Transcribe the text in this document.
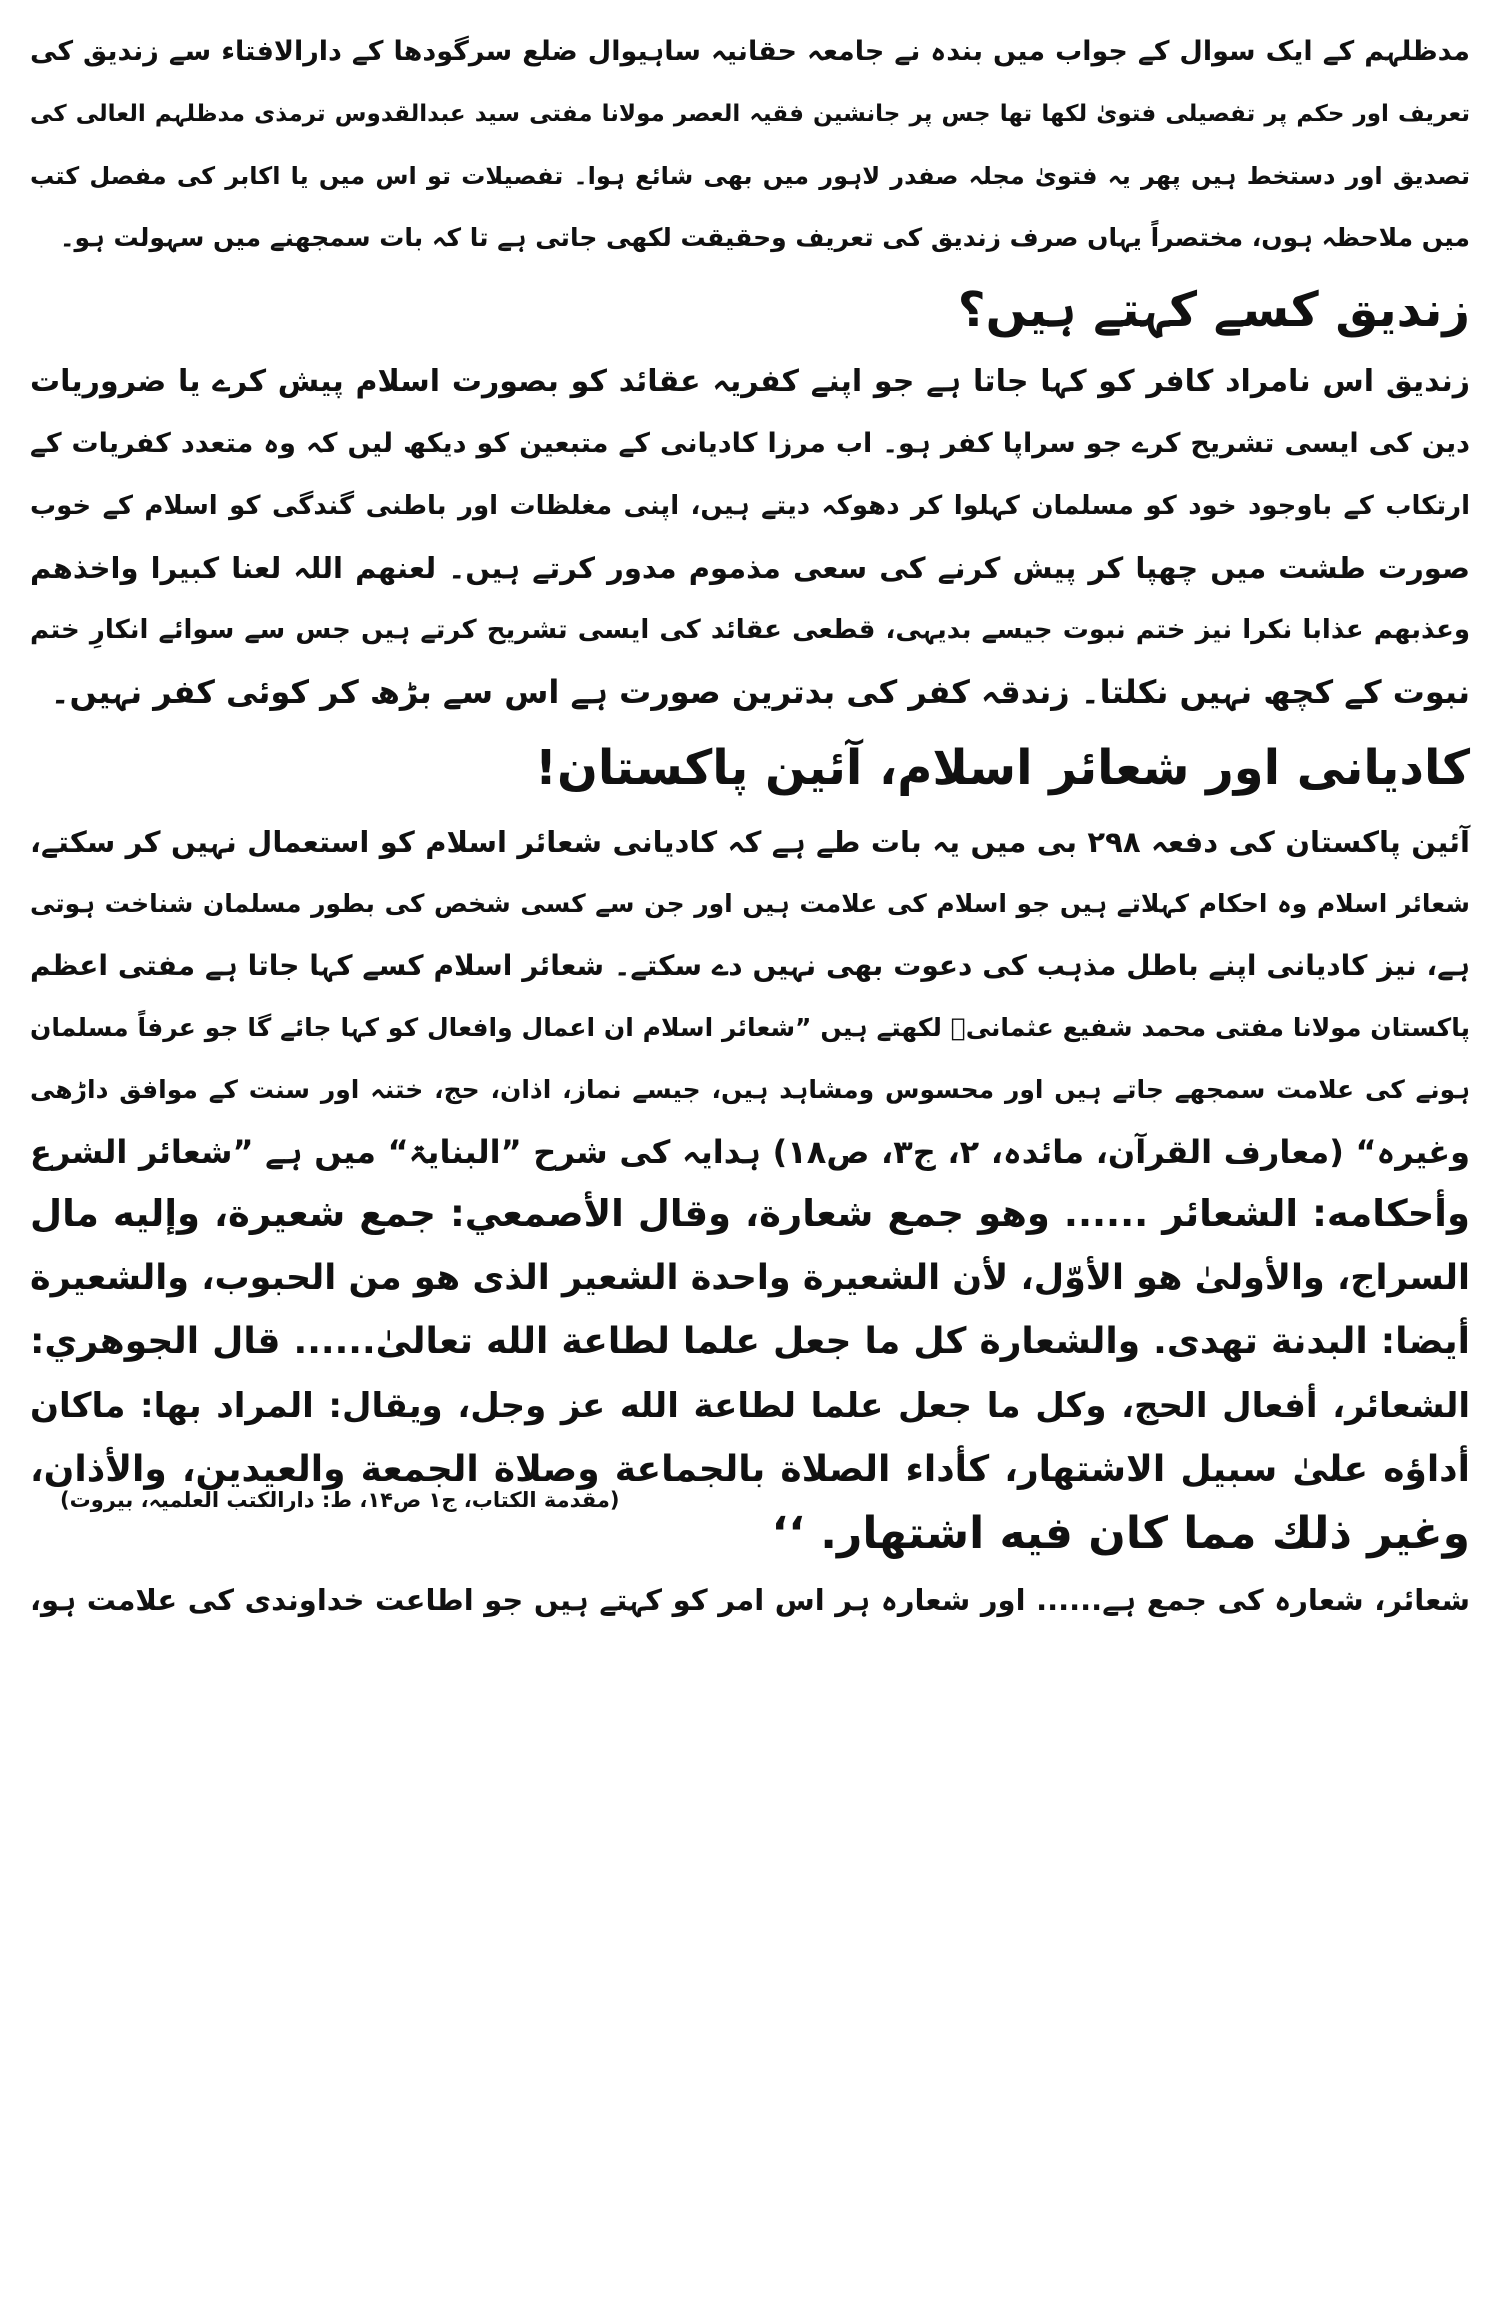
مدظلہم کے ایک سوال کے جواب میں بندہ نے جامعہ حقانیہ ساہیوال ضلع سرگودھا کے دارالافتاء سے زندیق کی
تعریف اور حکم پر تفصیلی فتویٰ لکھا تھا جس پر جانشین فقیہ العصر مولانا مفتی سید عبدالقدوس ترمذی مدظلہم العالی کی
تصدیق اور دستخط ہیں پھر یہ فتویٰ مجلہ صفدر لاہور میں بھی شائع ہوا۔ تفصیلات تو اس میں یا اکابر کی مفصل کتب
میں ملاحظہ ہوں، مختصراً یہاں صرف زندیق کی تعریف وحقیقت لکھی جاتی ہے تا کہ بات سمجھنے میں سہولت ہو۔
زندیق کسے کہتے ہیں؟
زندیق اس نامراد کافر کو کہا جاتا ہے جو اپنے کفریہ عقائد کو بصورت اسلام پیش کرے یا ضروریات
دین کی ایسی تشریح کرے جو سراپا کفر ہو۔ اب مرزا کادیانی کے متبعین کو دیکھ لیں کہ وہ متعدد کفریات کے
ارتکاب کے باوجود خود کو مسلمان کہلوا کر دھوکہ دیتے ہیں، اپنی مغلظات اور باطنی گندگی کو اسلام کے خوب
صورت طشت میں چھپا کر پیش کرنے کی سعی مذموم مدور کرتے ہیں۔ لعنھم اللہ لعنا کبیرا واخذھم
وعذبھم عذابا نکرا نیز ختم نبوت جیسے بدیہی، قطعی عقائد کی ایسی تشریح کرتے ہیں جس سے سوائے انکارِ ختم
نبوت کے کچھ نہیں نکلتا۔ زندقہ کفر کی بدترین صورت ہے اس سے بڑھ کر کوئی کفر نہیں۔
کادیانی اور شعائر اسلام، آئین پاکستان!
آئین پاکستان کی دفعہ ۲۹۸ بی میں یہ بات طے ہے کہ کادیانی شعائر اسلام کو استعمال نہیں کر سکتے،
شعائر اسلام وہ احکام کہلاتے ہیں جو اسلام کی علامت ہیں اور جن سے کسی شخص کی بطور مسلمان شناخت ہوتی
ہے، نیز کادیانی اپنے باطل مذہب کی دعوت بھی نہیں دے سکتے۔ شعائر اسلام کسے کہا جاتا ہے مفتی اعظم
پاکستان مولانا مفتی محمد شفیع عثمانیؒ لکھتے ہیں ”شعائر اسلام ان اعمال وافعال کو کہا جائے گا جو عرفاً مسلمان
ہونے کی علامت سمجھے جاتے ہیں اور محسوس ومشاہد ہیں، جیسے نماز، اذان، حج، ختنہ اور سنت کے موافق داڑھی
وغیرہ“ (معارف القرآن، مائدہ، ۲، ج۳، ص۱۸) ہدایہ کی شرح ”البنایۃ“ میں ہے ”شعائر الشرع
وأحكامه: الشعائر ...... وهو جمع شعارة، وقال الأصمعي: جمع شعيرة، وإليه مال
السراج، والأولىٰ هو الأوّل، لأن الشعيرة واحدة الشعير الذى هو من الحبوب، والشعيرة
أيضا: البدنة تهدى. والشعارة كل ما جعل علما لطاعة الله تعالىٰ...... قال الجوهري:
الشعائر، أفعال الحج، وكل ما جعل علما لطاعة الله عز وجل، ويقال: المراد بها: ماكان
أداؤه علىٰ سبيل الاشتهار، كأداء الصلاة بالجماعة وصلاة الجمعة والعيدين، والأذان،
وغير ذلك مما كان فيه اشتهار. ‘‘
(مقدمة الكتاب، ج۱ ص۱۴، ط: دارالکتب العلمیہ، بیروت)
شعائر، شعارہ کی جمع ہے...... اور شعارہ ہر اس امر کو کہتے ہیں جو اطاعت خداوندی کی علامت ہو،
